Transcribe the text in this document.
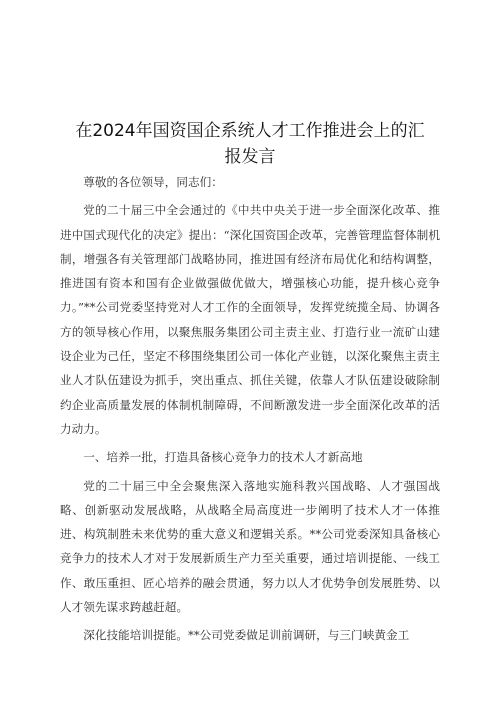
在2024年国资国企系统人才工作推进会上的汇报发言

尊敬的各位领导，同志们：

党的二十届三中全会通过的《中共中央关于进一步全面深化改革、推进中国式现代化的决定》提出：“深化国资国企改革，完善管理监督体制机制，增强各有关管理部门战略协同，推进国有经济布局优化和结构调整，推进国有资本和国有企业做强做优做大，增强核心功能，提升核心竞争力。”**公司党委坚持党对人才工作的全面领导，发挥党统揽全局、协调各方的领导核心作用，以聚焦服务集团公司主责主业、打造行业一流矿山建设企业为己任，坚定不移围绕集团公司一体化产业链，以深化聚焦主责主业人才队伍建设为抓手，突出重点、抓住关键，依靠人才队伍建设破除制约企业高质量发展的体制机制障碍，不间断激发进一步全面深化改革的活力动力。

一、培养一批，打造具备核心竞争力的技术人才新高地

党的二十届三中全会聚焦深入落地实施科教兴国战略、人才强国战略、创新驱动发展战略，从战略全局高度进一步阐明了技术人才一体推进、构筑制胜未来优势的重大意义和逻辑关系。**公司党委深知具备核心竞争力的技术人才对于发展新质生产力至关重要，通过培训提能、一线工作、敢压重担、匠心培养的融会贯通，努力以人才优势争创发展胜势、以人才领先谋求跨越赶超。

深化技能培训提能。**公司党委做足训前调研，与三门峡黄金工
